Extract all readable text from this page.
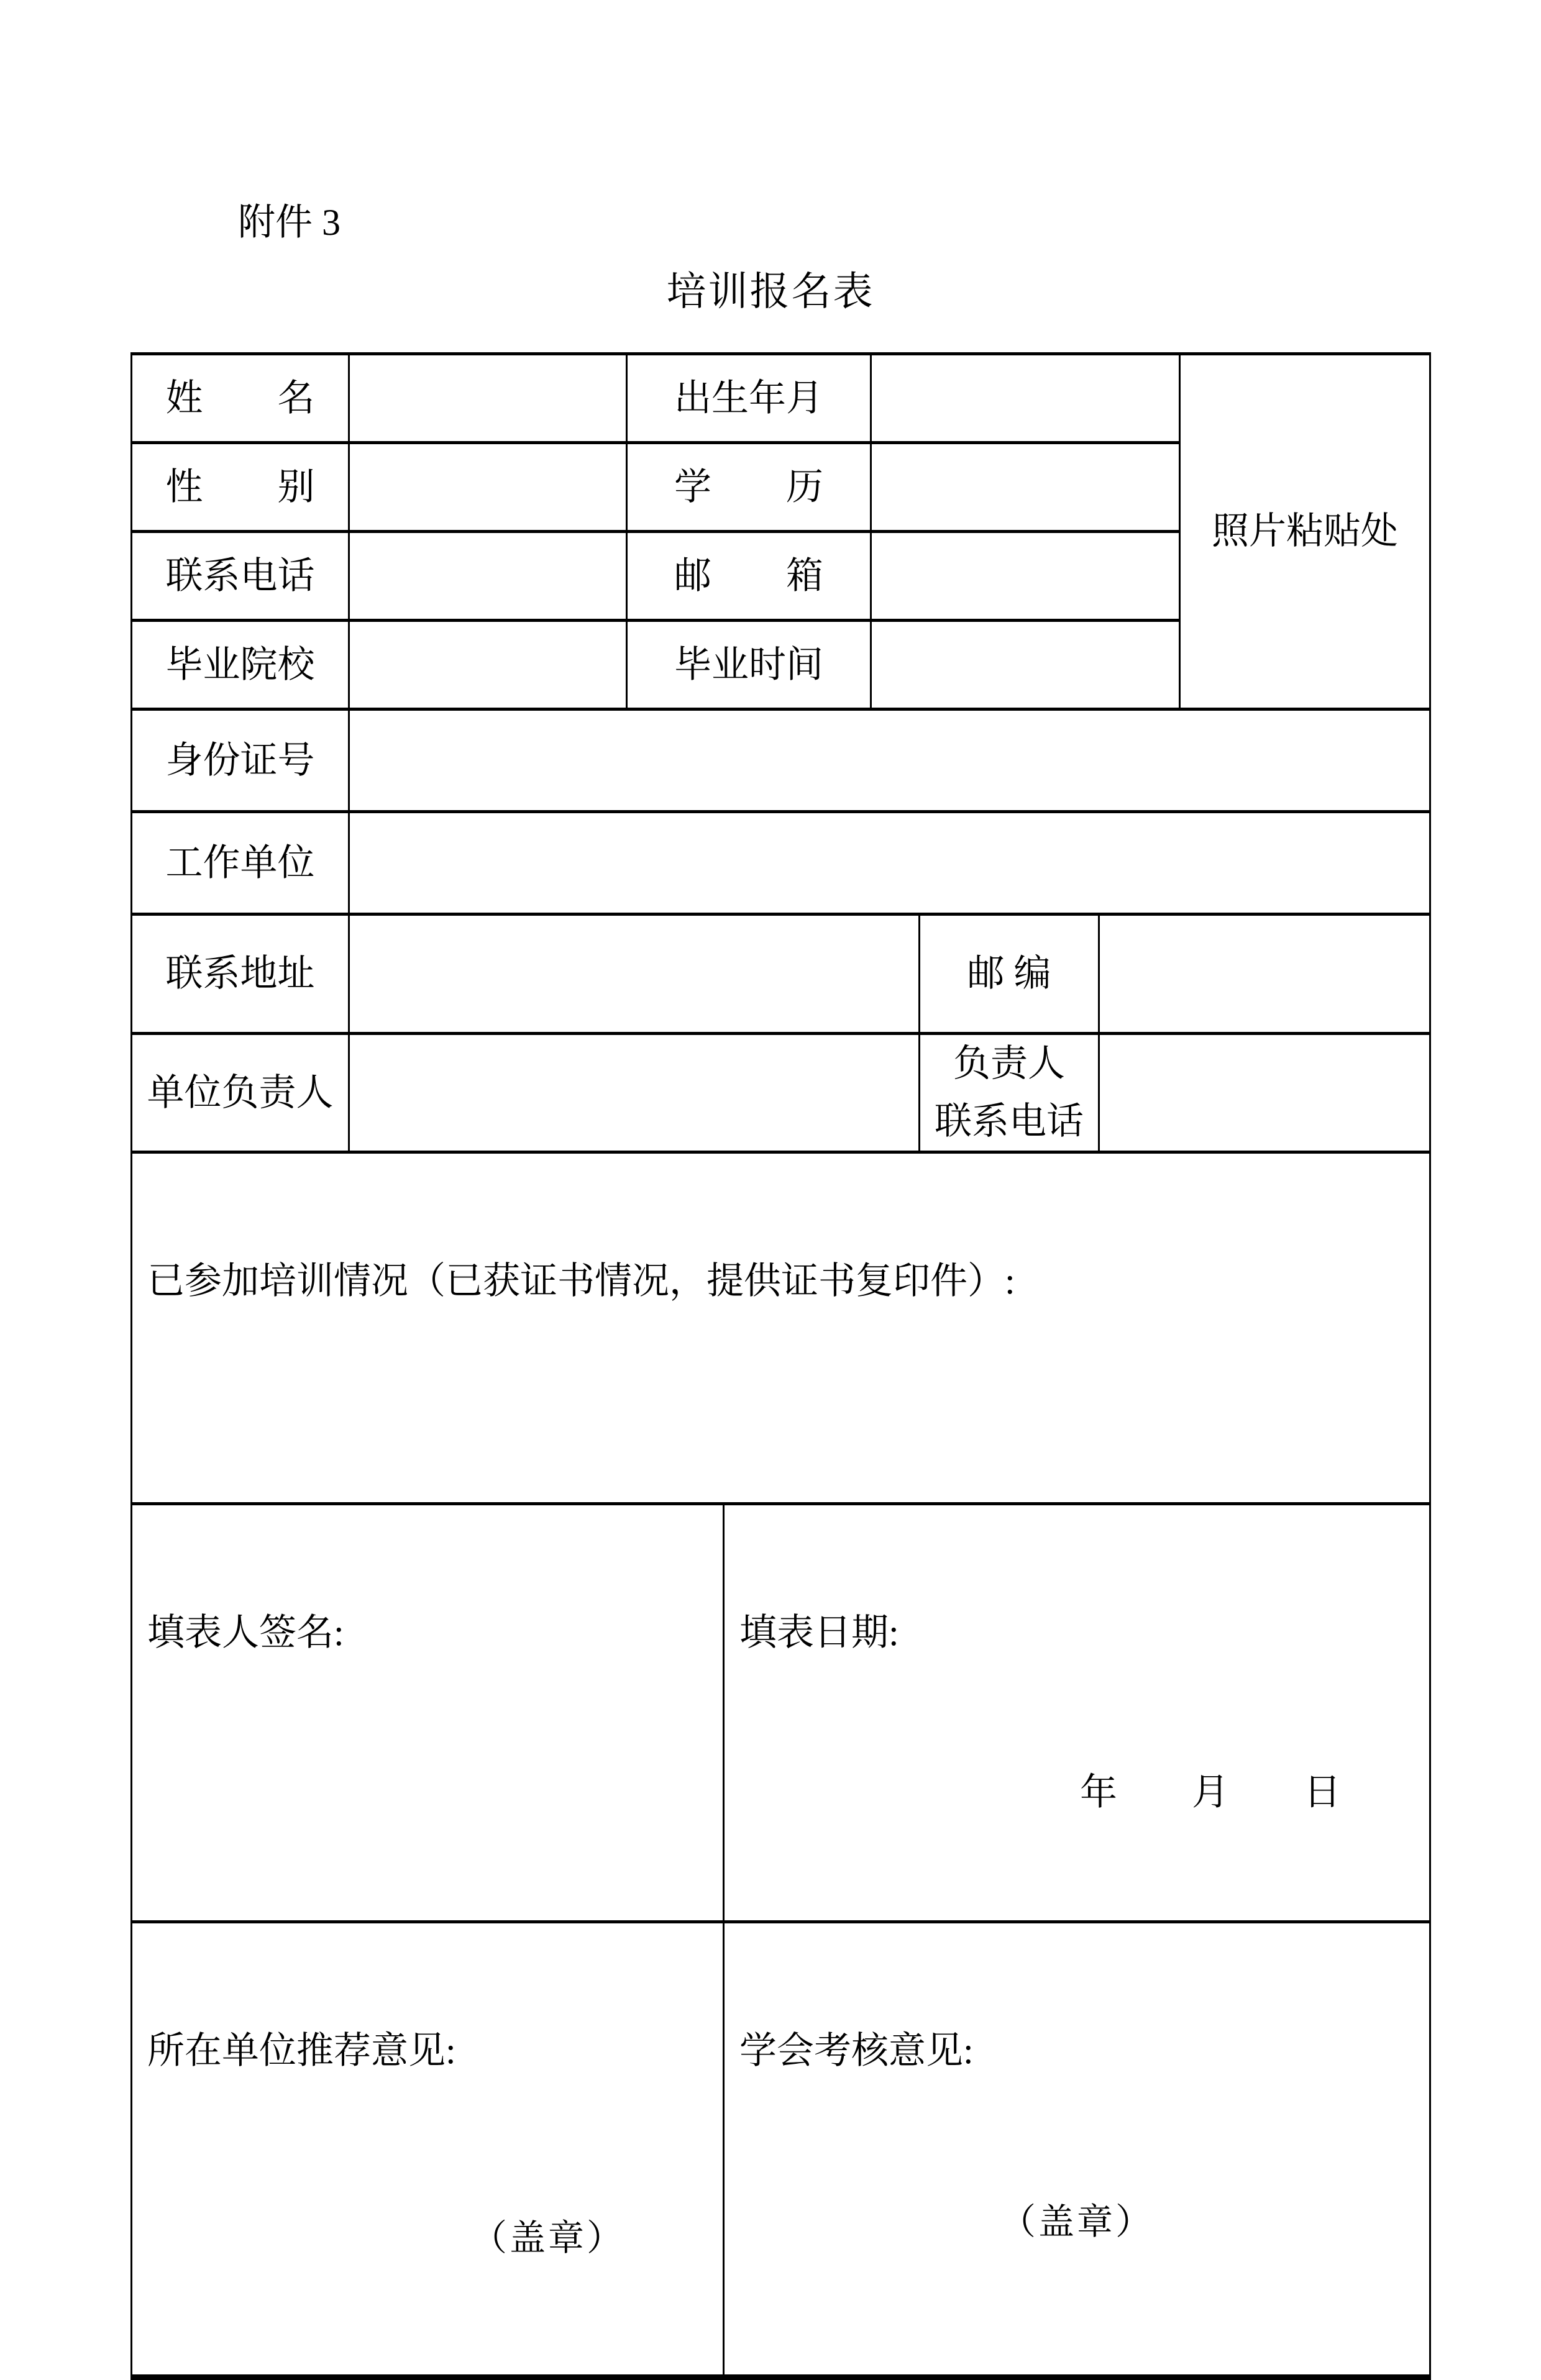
附件 3
培训报名表
姓　　名		出生年月					照片粘贴处
性　　别		学　　历					
联系电话		邮　　箱					
毕业院校		毕业时间					
身份证号							
工作单位							
联系地址					邮 编		
单位负责人					负责人
联系电话		

已参加培训情况（已获证书情况，提供证书复印件）:							

填表人签名:			填表日期:

年　　月　　日				

所在单位推荐意见:

（盖章）			学会考核意见:

（盖章）				
